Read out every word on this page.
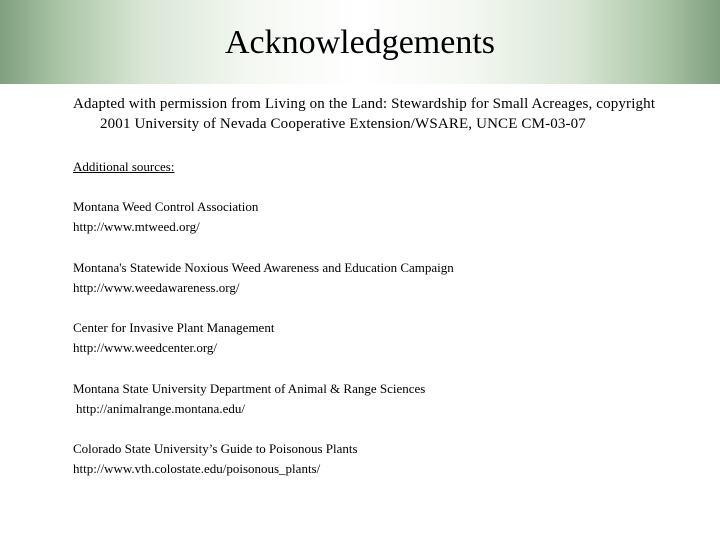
Acknowledgements
Adapted with permission from Living on the Land: Stewardship for Small Acreages, copyright
2001 University of Nevada Cooperative Extension/WSARE, UNCE CM-03-07
Additional sources:
Montana Weed Control Association
http://www.mtweed.org/
Montana's Statewide Noxious Weed Awareness and Education Campaign
http://www.weedawareness.org/
Center for Invasive Plant Management
http://www.weedcenter.org/
Montana State University Department of Animal & Range Sciences
http://animalrange.montana.edu/
Colorado State University’s Guide to Poisonous Plants
http://www.vth.colostate.edu/poisonous_plants/
